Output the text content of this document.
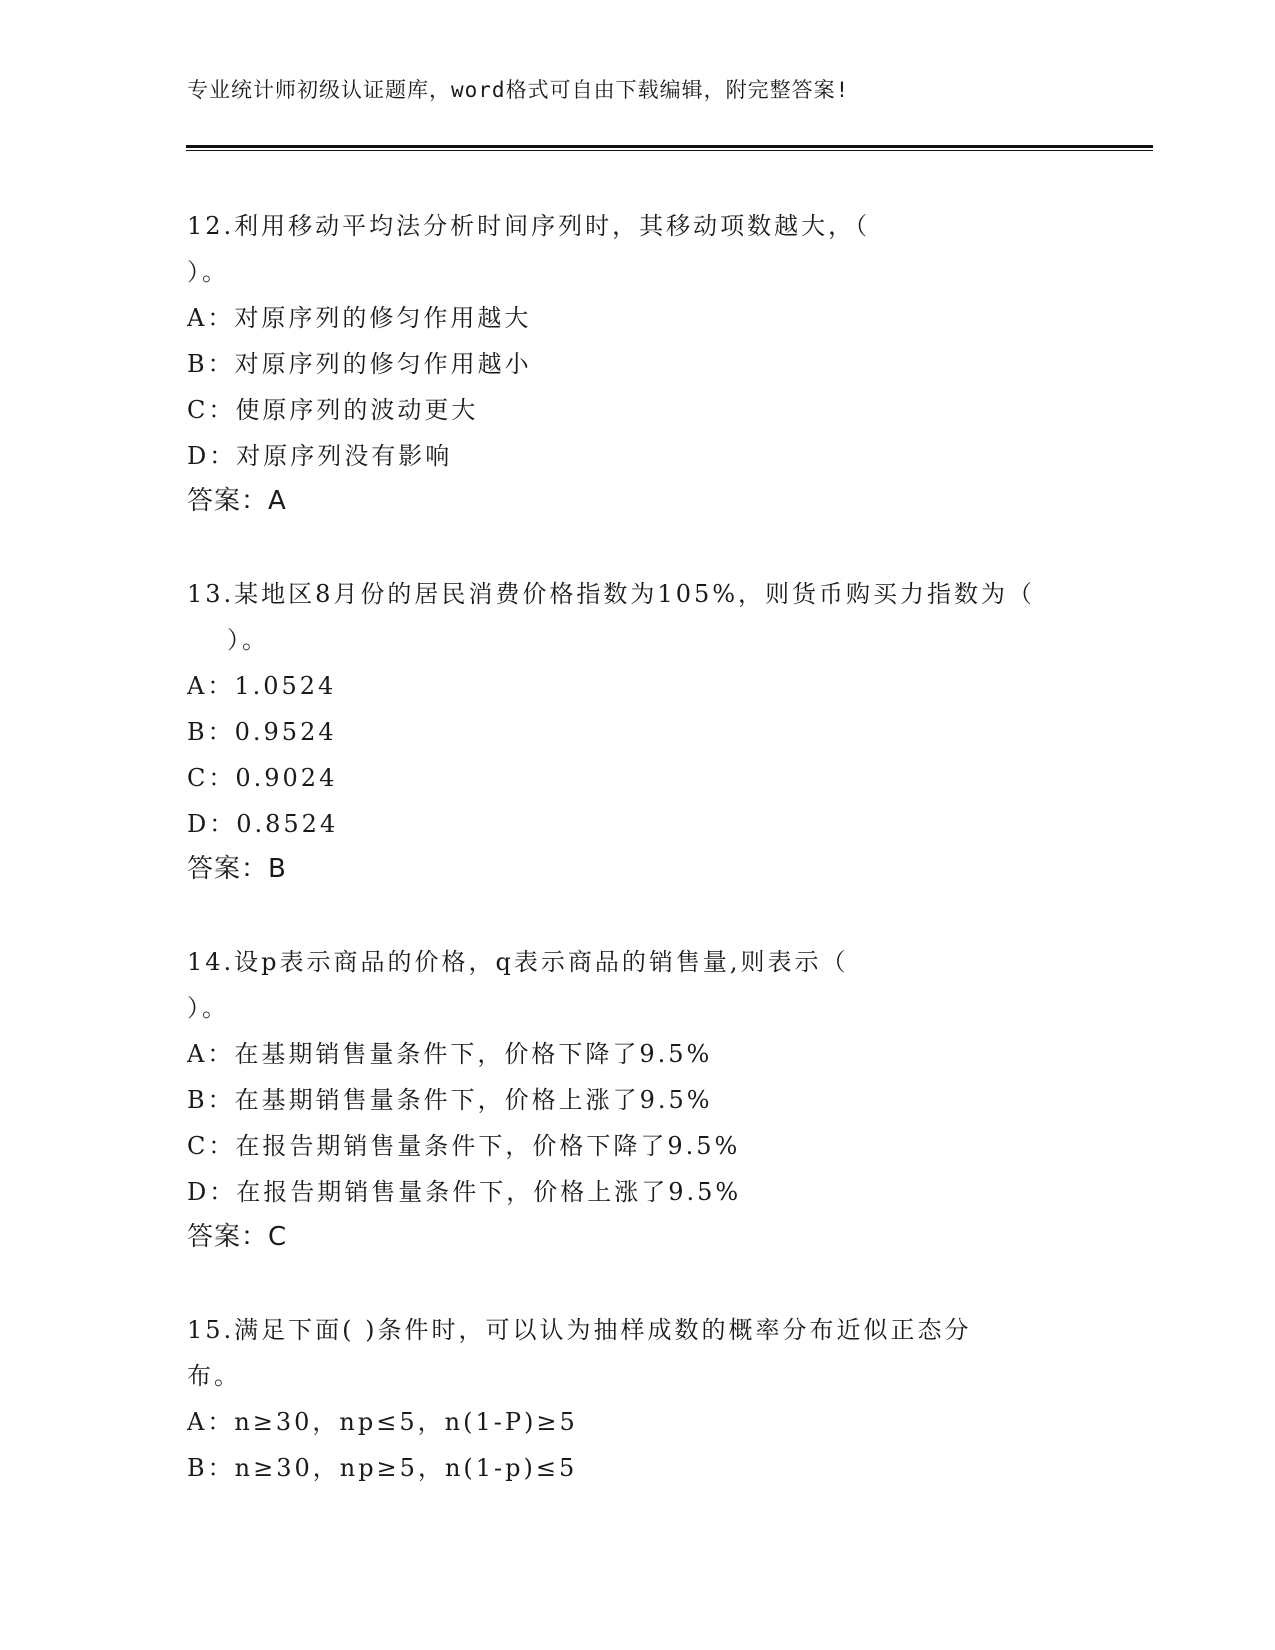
专业统计师初级认证题库，word格式可自由下载编辑，附完整答案!
12.利用移动平均法分析时间序列时，其移动项数越大，（
）。
A：对原序列的修匀作用越大
B：对原序列的修匀作用越小
C：使原序列的波动更大
D：对原序列没有影响
答案：A
13.某地区8月份的居民消费价格指数为105%，则货币购买力指数为（
）。
A：1.0524
B：0.9524
C：0.9024
D：0.8524
答案：B
14.设p表示商品的价格，q表示商品的销售量,则表示（
）。
A：在基期销售量条件下，价格下降了9.5%
B：在基期销售量条件下，价格上涨了9.5%
C：在报告期销售量条件下，价格下降了9.5%
D：在报告期销售量条件下，价格上涨了9.5%
答案：C
15.满足下面( )条件时，可以认为抽样成数的概率分布近似正态分
布。
A：n≥30，np≤5，n(1-P)≥5
B：n≥30，np≥5，n(1-p)≤5
